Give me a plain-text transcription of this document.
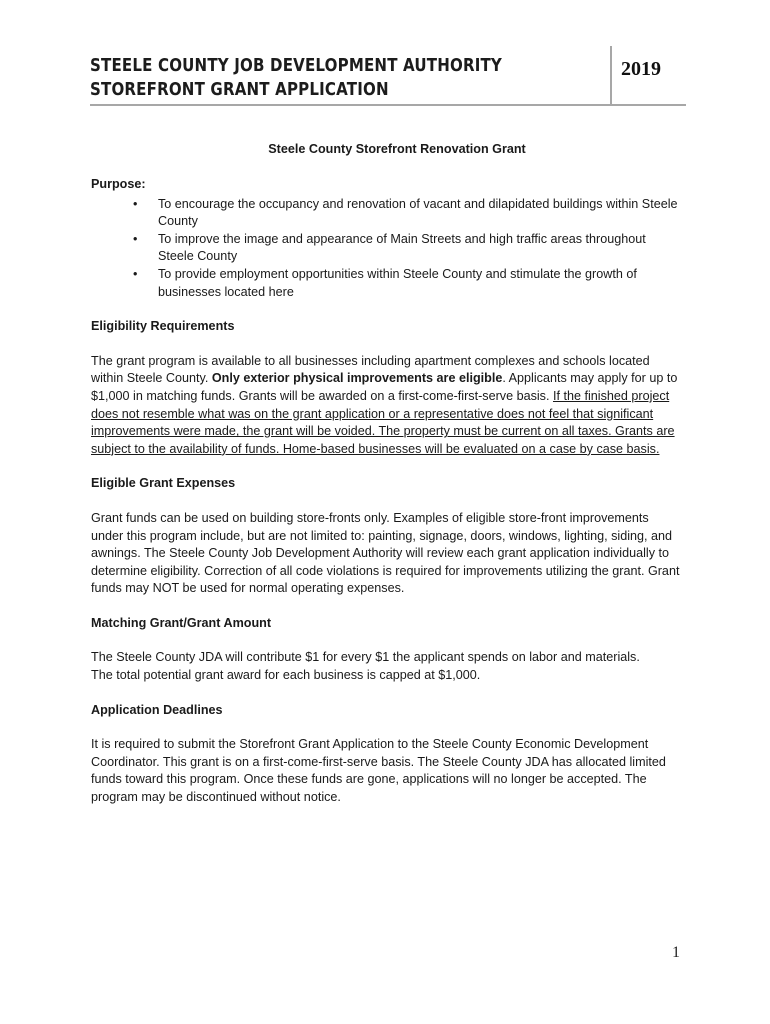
STEELE COUNTY JOB DEVELOPMENT AUTHORITY
STOREFRONT GRANT APPLICATION
2019
Steele County Storefront Renovation Grant
Purpose:
• To encourage the occupancy and renovation of vacant and dilapidated buildings within Steele County
• To improve the image and appearance of Main Streets and high traffic areas throughout Steele County
• To provide employment opportunities within Steele County and stimulate the growth of businesses located here
Eligibility Requirements

The grant program is available to all businesses including apartment complexes and schools located within Steele County. Only exterior physical improvements are eligible. Applicants may apply for up to $1,000 in matching funds. Grants will be awarded on a first-come-first-serve basis. If the finished project does not resemble what was on the grant application or a representative does not feel that significant improvements were made, the grant will be voided. The property must be current on all taxes. Grants are subject to the availability of funds. Home-based businesses will be evaluated on a case by case basis.

Eligible Grant Expenses

Grant funds can be used on building store-fronts only. Examples of eligible store-front improvements under this program include, but are not limited to: painting, signage, doors, windows, lighting, siding, and awnings. The Steele County Job Development Authority will review each grant application individually to determine eligibility. Correction of all code violations is required for improvements utilizing the grant. Grant funds may NOT be used for normal operating expenses.

Matching Grant/Grant Amount

The Steele County JDA will contribute $1 for every $1 the applicant spends on labor and materials.

The total potential grant award for each business is capped at $1,000.

Application Deadlines

It is required to submit the Storefront Grant Application to the Steele County Economic Development Coordinator. This grant is on a first-come-first-serve basis. The Steele County JDA has allocated limited funds toward this program. Once these funds are gone, applications will no longer be accepted. The program may be discontinued without notice.

1
